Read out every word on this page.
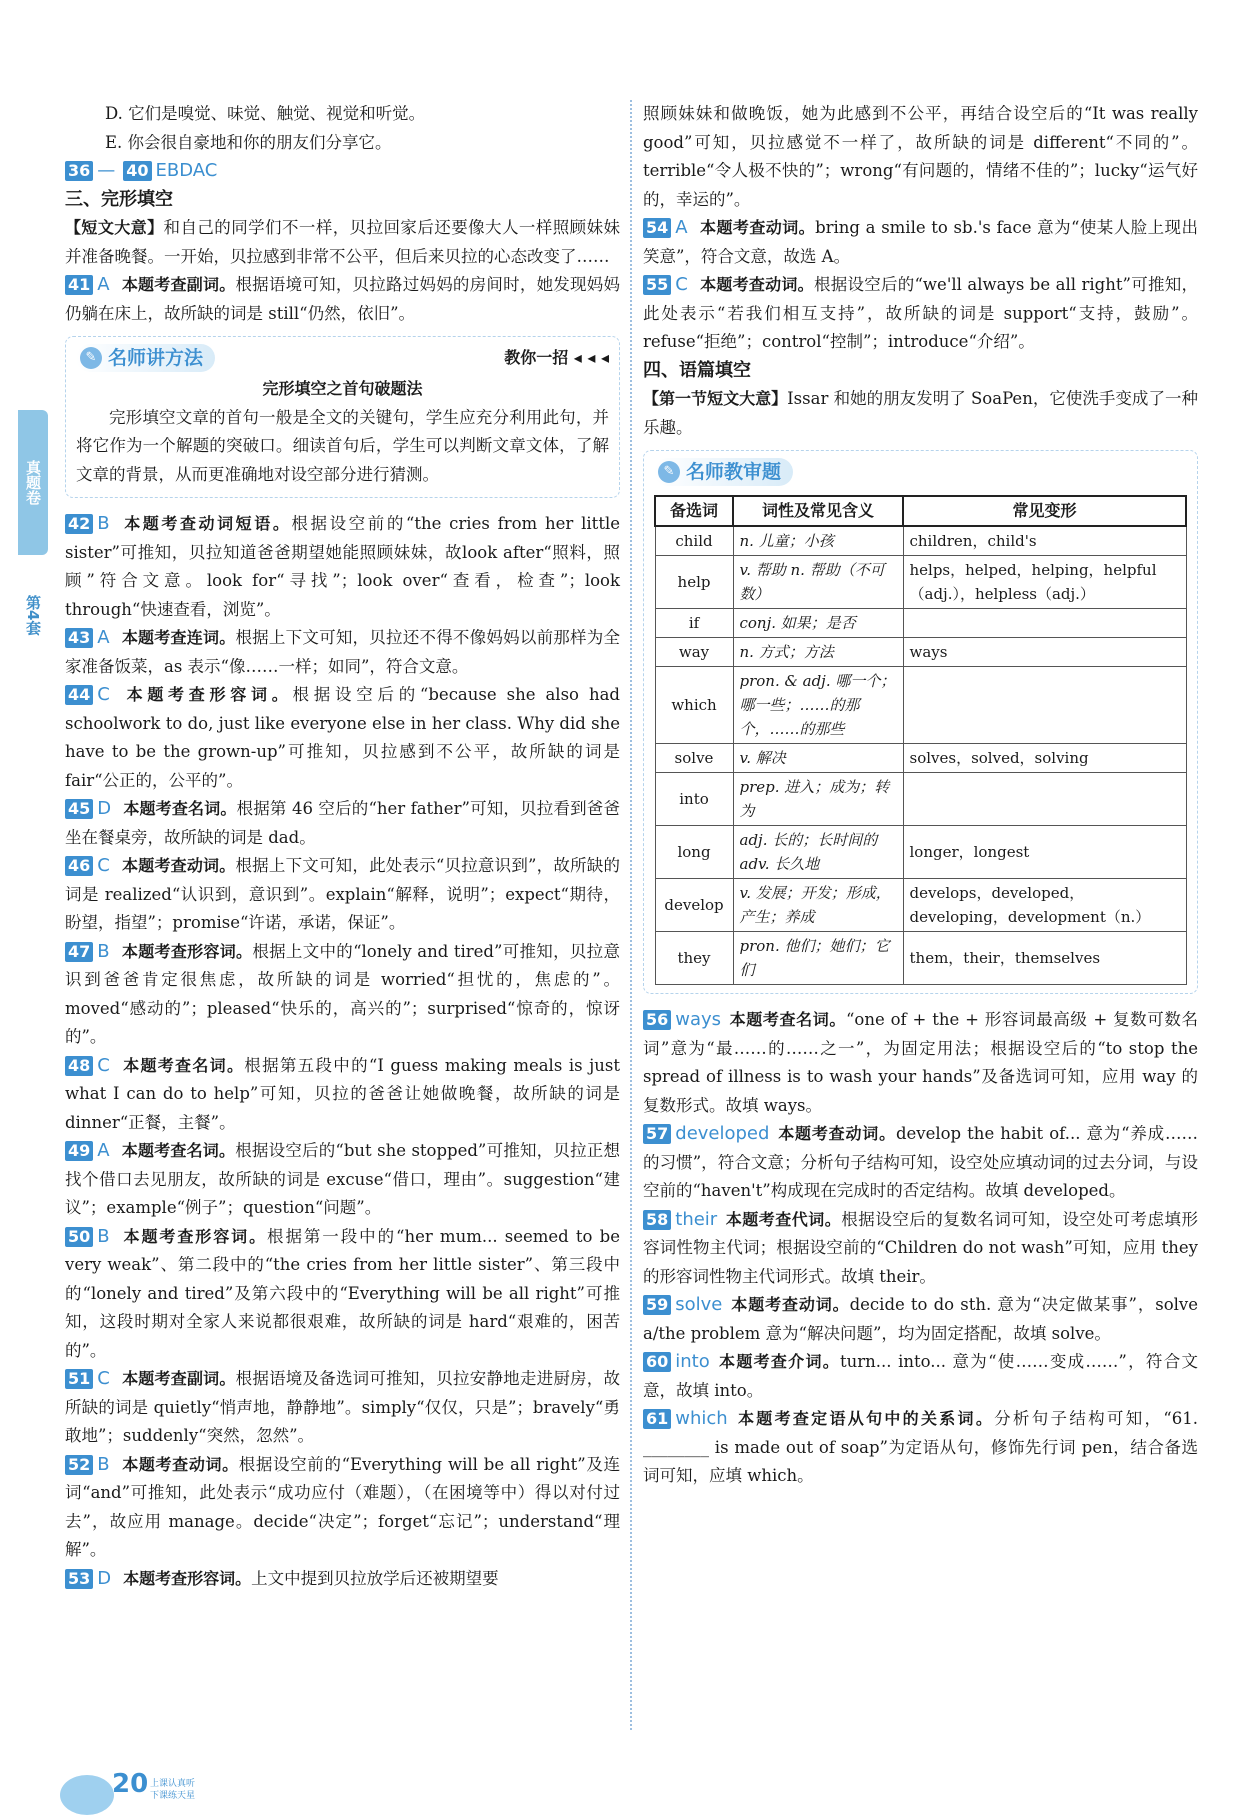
真题卷
第4套
D. 它们是嗅觉、味觉、触觉、视觉和听觉。
E. 你会很自豪地和你的朋友们分享它。
36 — 40 EBDAC
三、完形填空
【短文大意】和自己的同学们不一样，贝拉回家后还要像大人一样照顾妹妹并准备晚餐。一开始，贝拉感到非常不公平，但后来贝拉的心态改变了……
41 A 本题考查副词。根据语境可知，贝拉路过妈妈的房间时，她发现妈妈仍躺在床上，故所缺的词是 still“仍然，依旧”。
✎ 名师讲方法	教你一招 ◂ ◂ ◂
完形填空之首句破题法
完形填空文章的首句一般是全文的关键句，学生应充分利用此句，并将它作为一个解题的突破口。细读首句后，学生可以判断文章文体，了解文章的背景，从而更准确地对设空部分进行猜测。
42 B 本题考查动词短语。根据设空前的“the cries from her little sister”可推知，贝拉知道爸爸期望她能照顾妹妹，故look after“照料，照顾”符合文意。look for“寻找”；look over“查看，检查”；look through“快速查看，浏览”。
43 A 本题考查连词。根据上下文可知，贝拉还不得不像妈妈以前那样为全家准备饭菜，as 表示“像……一样；如同”，符合文意。
44 C 本题考查形容词。根据设空后的“because she also had schoolwork to do, just like everyone else in her class. Why did she have to be the grown-up”可推知，贝拉感到不公平，故所缺的词是 fair“公正的，公平的”。
45 D 本题考查名词。根据第 46 空后的“her father”可知，贝拉看到爸爸坐在餐桌旁，故所缺的词是 dad。
46 C 本题考查动词。根据上下文可知，此处表示“贝拉意识到”，故所缺的词是 realized“认识到，意识到”。explain“解释，说明”；expect“期待，盼望，指望”；promise“许诺，承诺，保证”。
47 B 本题考查形容词。根据上文中的“lonely and tired”可推知，贝拉意识到爸爸肯定很焦虑，故所缺的词是 worried“担忧的，焦虑的”。moved“感动的”；pleased“快乐的，高兴的”；surprised“惊奇的，惊讶的”。
48 C 本题考查名词。根据第五段中的“I guess making meals is just what I can do to help”可知，贝拉的爸爸让她做晚餐，故所缺的词是 dinner“正餐，主餐”。
49 A 本题考查名词。根据设空后的“but she stopped”可推知，贝拉正想找个借口去见朋友，故所缺的词是 excuse“借口，理由”。suggestion“建议”；example“例子”；question“问题”。
50 B 本题考查形容词。根据第一段中的“her mum... seemed to be very weak”、第二段中的“the cries from her little sister”、第三段中的“lonely and tired”及第六段中的“Everything will be all right”可推知，这段时期对全家人来说都很艰难，故所缺的词是 hard“艰难的，困苦的”。
51 C 本题考查副词。根据语境及备选词可推知，贝拉安静地走进厨房，故所缺的词是 quietly“悄声地，静静地”。simply“仅仅，只是”；bravely“勇敢地”；suddenly“突然，忽然”。
52 B 本题考查动词。根据设空前的“Everything will be all right”及连词“and”可推知，此处表示“成功应付（难题），（在困境等中）得以对付过去”，故应用 manage。decide“决定”；forget“忘记”；understand“理解”。
53 D 本题考查形容词。上文中提到贝拉放学后还被期望要
照顾妹妹和做晚饭，她为此感到不公平，再结合设空后的“It was really good”可知，贝拉感觉不一样了，故所缺的词是 different“不同的”。terrible“令人极不快的”；wrong“有问题的，情绪不佳的”；lucky“运气好的，幸运的”。
54 A 本题考查动词。bring a smile to sb.'s face 意为“使某人脸上现出笑意”，符合文意，故选 A。
55 C 本题考查动词。根据设空后的“we'll always be all right”可推知，此处表示“若我们相互支持”，故所缺的词是 support“支持，鼓励”。refuse“拒绝”；control“控制”；introduce“介绍”。
四、语篇填空
【第一节短文大意】Issar 和她的朋友发明了 SoaPen，它使洗手变成了一种乐趣。
✎ 名师教审题
备选词	词性及常见含义	常见变形
child	n. 儿童；小孩	children，child's
help	v. 帮助 n. 帮助（不可数）	helps，helped，helping，helpful（adj.），helpless（adj.）
if	conj. 如果；是否	
way	n. 方式；方法	ways
which	pron. & adj. 哪一个；哪一些；……的那个，……的那些	
solve	v. 解决	solves，solved，solving
into	prep. 进入；成为；转为	
long	adj. 长的；长时间的 adv. 长久地	longer，longest
develop	v. 发展；开发；形成，产生；养成	develops，developed，developing，development（n.）
they	pron. 他们；她们；它们	them，their，themselves
56 ways 本题考查名词。“one of + the + 形容词最高级 + 复数可数名词”意为“最……的……之一”，为固定用法；根据设空后的“to stop the spread of illness is to wash your hands”及备选词可知，应用 way 的复数形式。故填 ways。
57 developed 本题考查动词。develop the habit of... 意为“养成……的习惯”，符合文意；分析句子结构可知，设空处应填动词的过去分词，与设空前的“haven't”构成现在完成时的否定结构。故填 developed。
58 their 本题考查代词。根据设空后的复数名词可知，设空处可考虑填形容词性物主代词；根据设空前的“Children do not wash”可知，应用 they 的形容词性物主代词形式。故填 their。
59 solve 本题考查动词。decide to do sth. 意为“决定做某事”，solve a/the problem 意为“解决问题”，均为固定搭配，故填 solve。
60 into 本题考查介词。turn... into... 意为“使……变成……”，符合文意，故填 into。
61 which 本题考查定语从句中的关系词。分析句子结构可知，“61. ________ is made out of soap”为定语从句，修饰先行词 pen，结合备选词可知，应填 which。
20 上课认真听
下课练天星
